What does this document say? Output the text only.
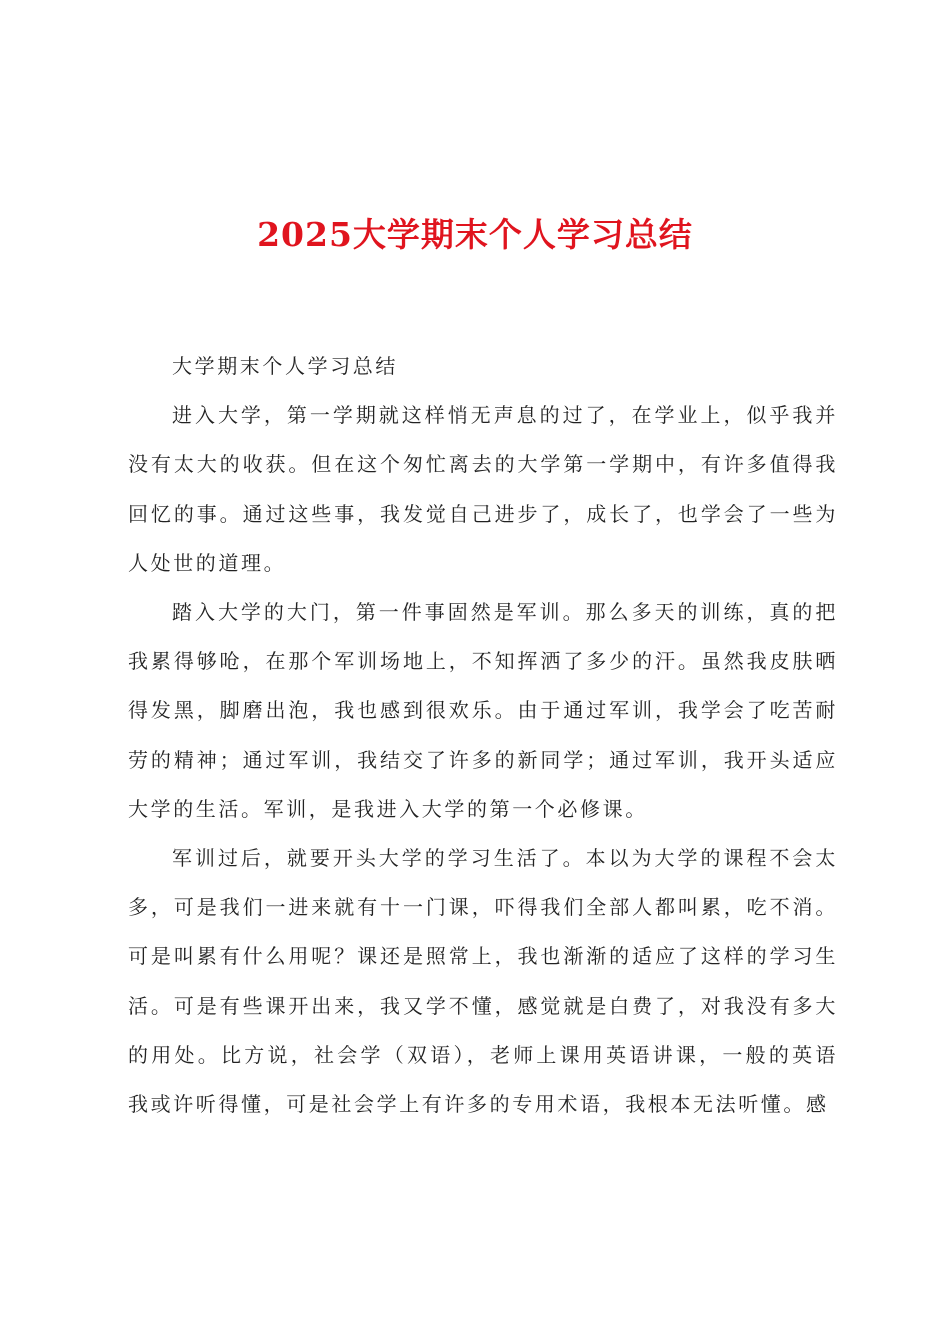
2025大学期末个人学习总结

大学期末个人学习总结

进入大学，第一学期就这样悄无声息的过了，在学业上，似乎我并没有太大的收获。但在这个匆忙离去的大学第一学期中，有许多值得我回忆的事。通过这些事，我发觉自己进步了，成长了，也学会了一些为人处世的道理。

踏入大学的大门，第一件事固然是军训。那么多天的训练，真的把我累得够呛，在那个军训场地上，不知挥洒了多少的汗。虽然我皮肤晒得发黑，脚磨出泡，我也感到很欢乐。由于通过军训，我学会了吃苦耐劳的精神；通过军训，我结交了许多的新同学；通过军训，我开头适应大学的生活。军训，是我进入大学的第一个必修课。

军训过后，就要开头大学的学习生活了。本以为大学的课程不会太多，可是我们一进来就有十一门课，吓得我们全部人都叫累，吃不消。可是叫累有什么用呢？课还是照常上，我也渐渐的适应了这样的学习生活。可是有些课开出来，我又学不懂，感觉就是白费了，对我没有多大的用处。比方说，社会学（双语），老师上课用英语讲课，一般的英语我或许听得懂，可是社会学上有许多的专用术语，我根本无法听懂。感
